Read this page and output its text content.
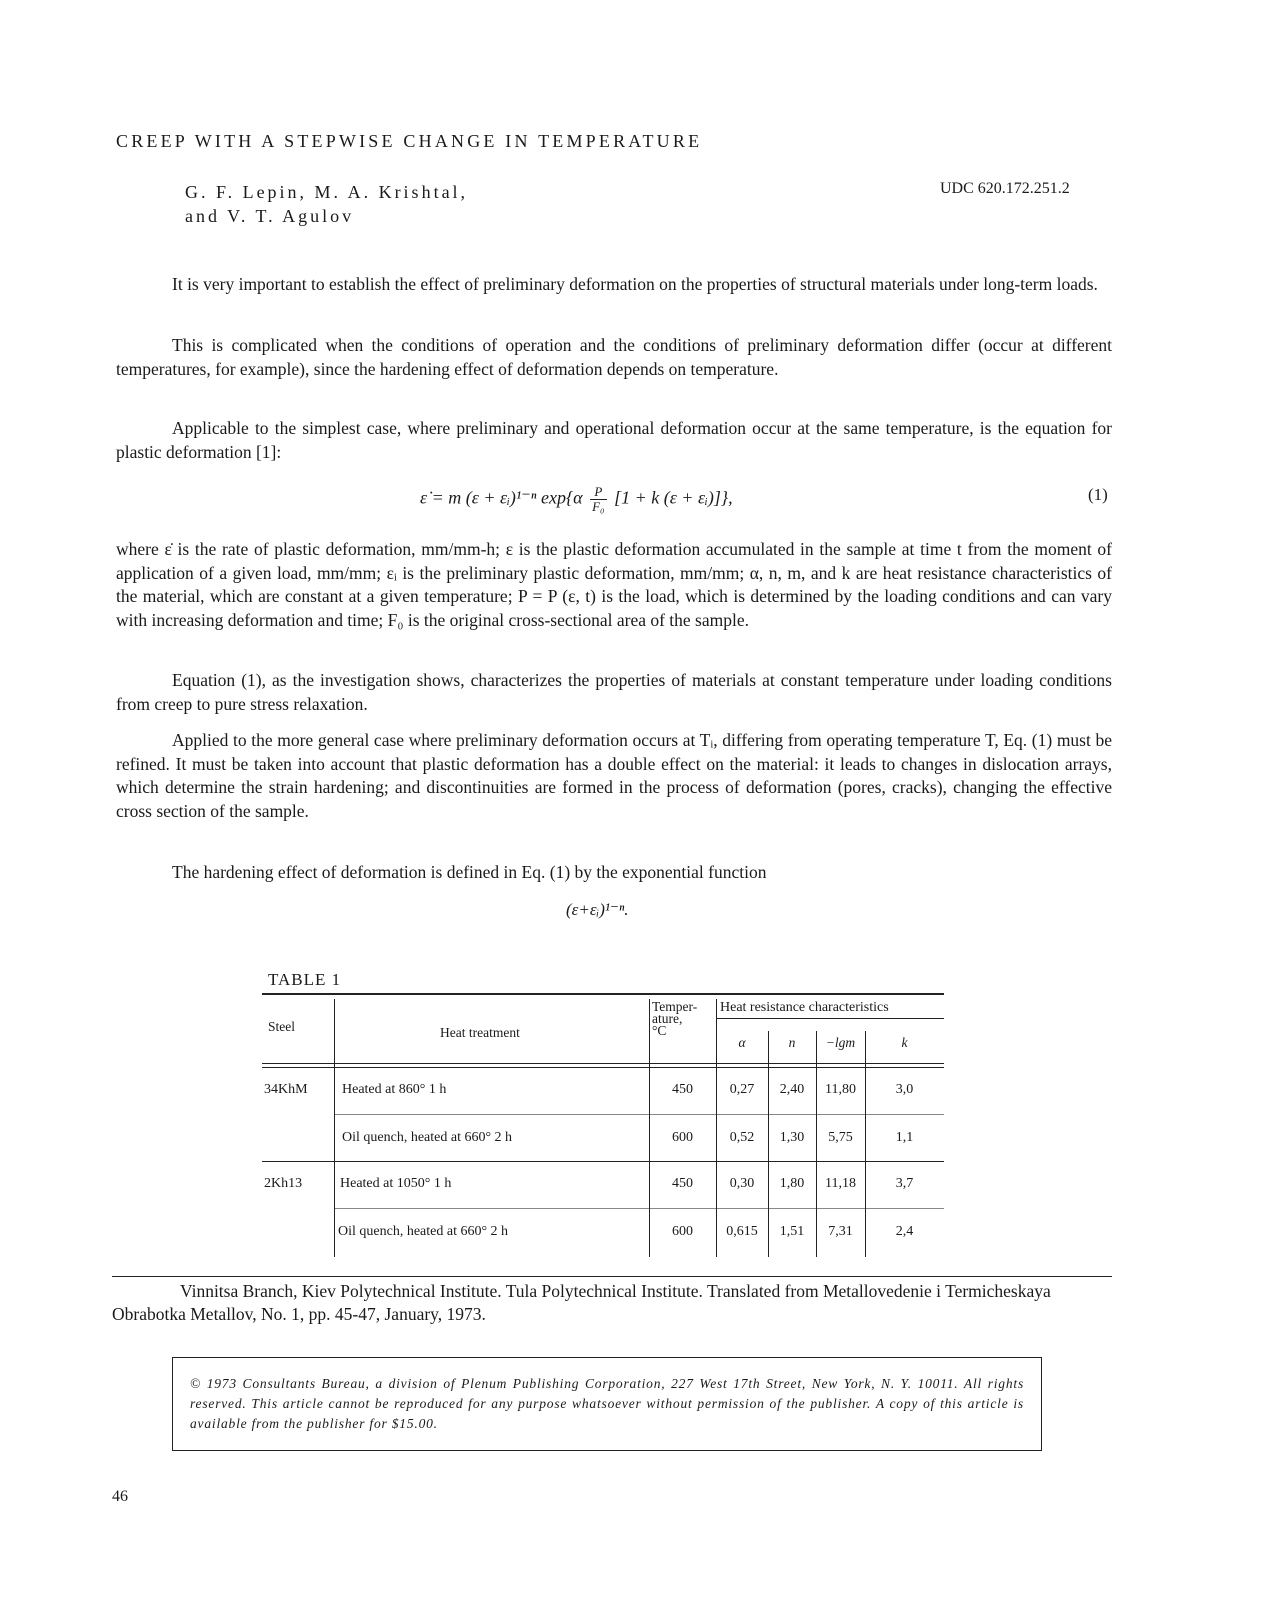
CREEP WITH A STEPWISE CHANGE IN TEMPERATURE
G. F. Lepin, M. A. Krishtal,
and V. T. Agulov
UDC 620.172.251.2

It is very important to establish the effect of preliminary deformation on the properties of structural materials under long-term loads.

This is complicated when the conditions of operation and the conditions of preliminary deformation differ (occur at different temperatures, for example), since the hardening effect of deformation depends on temperature.

Applicable to the simplest case, where preliminary and operational deformation occur at the same temperature, is the equation for plastic deformation [1]:

ε̇ = m (ε + εᵢ)¹⁻ⁿ $\exp\{\alpha \frac{P}{\text{F₀}} [1 + k$ (ε + εᵢ)]},	(1)

where ε̇ is the rate of plastic deformation, mm/mm-h; ε is the plastic deformation accumulated in the sample at time t from the moment of application of a given load, mm/mm; εᵢ is the preliminary plastic deformation, mm/mm; α, n, m, and k are heat resistance characteristics of the material, which are constant at a given temperature; P = P (ε, t) is the load, which is determined by the loading conditions and can vary with increasing deformation and time; F₀ is the original cross-sectional area of the sample.

Equation (1), as the investigation shows, characterizes the properties of materials at constant temperature under loading conditions from creep to pure stress relaxation.

Applied to the more general case where preliminary deformation occurs at Tᵢ, differing from operating temperature T, Eq. (1) must be refined. It must be taken into account that plastic deformation has a double effect on the material: it leads to changes in dislocation arrays, which determine the strain hardening; and discontinuities are formed in the process of deformation (pores, cracks), changing the effective cross section of the sample.

The hardening effect of deformation is defined in Eq. (1) by the exponential function

(ε+εᵢ)¹⁻ⁿ.
TABLE 1
Steel	Heat treatment
Temper-
ature,
°C
Heat resistance characteristics
α	n	−lgm	k
34KhM Heated at 860° 1 h	450	0,27	2,40	11,80	3,0
Oil quench, heated at 660° 2 h	600	0,52	1,30	5,75	1,1
2Kh13	Heated at 1050° 1 h	450	0,30	1,80	11,18	3,7
Oil quench, heated at 660° 2 h	600	0,615	1,51	7,31	2,4
Vinnitsa Branch, Kiev Polytechnical Institute. Tula Polytechnical Institute. Translated from Metallovedenie i Termicheskaya Obrabotka Metallov, No. 1, pp. 45-47, January, 1973.
© 1973 Consultants Bureau, a division of Plenum Publishing Corporation, 227 West 17th Street, New York, N. Y. 10011. All rights reserved. This article cannot be reproduced for any purpose whatsoever without permission of the publisher. A copy of this article is available from the publisher for $15.00.
46
